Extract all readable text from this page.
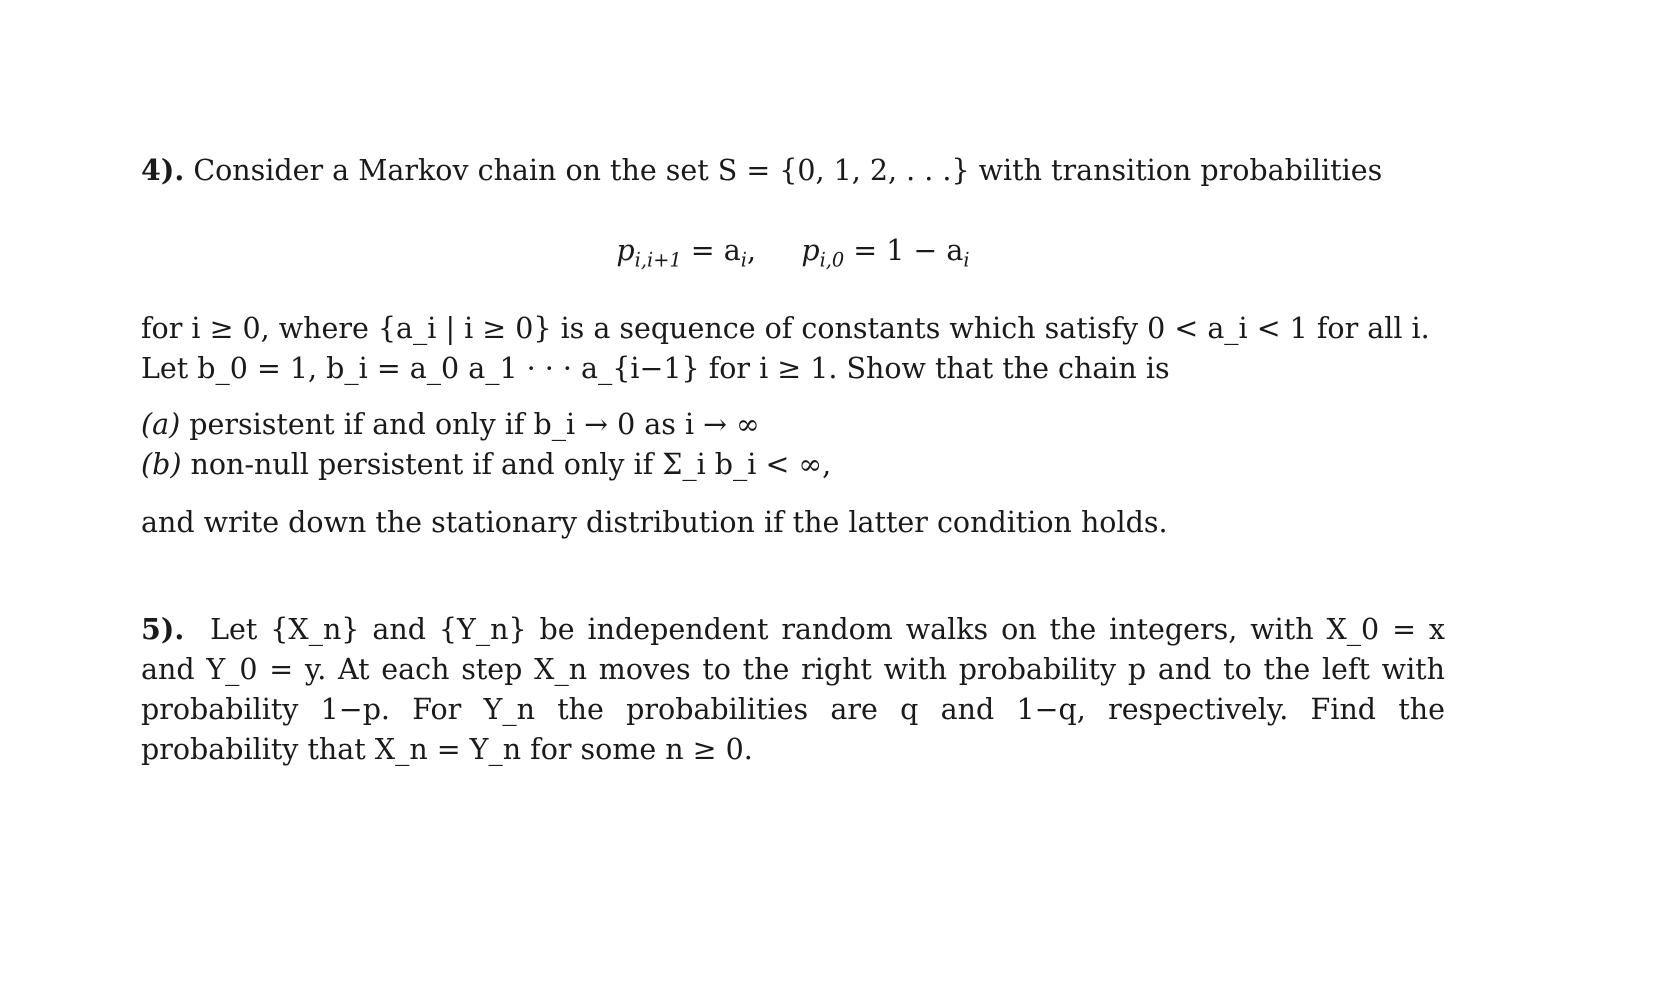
4). Consider a Markov chain on the set S = {0, 1, 2, . . .} with transition probabilities

$p_{i,i+1} = a_i$, $p_{i,0} = 1 - a_i$

for i ≥ 0, where {a_i | i ≥ 0} is a sequence of constants which satisfy 0 < a_i < 1 for all i.
Let b_0 = 1, b_i = a_0 a_1 · · · a_{i−1} for i ≥ 1. Show that the chain is

(a) persistent if and only if b_i → 0 as i → ∞
(b) non-null persistent if and only if Σ_i b_i < ∞,

and write down the stationary distribution if the latter condition holds.

5). Let {X_n} and {Y_n} be independent random walks on the integers, with X_0 = x and Y_0 = y. At each step X_n moves to the right with probability p and to the left with probability 1−p. For Y_n the probabilities are q and 1−q, respectively. Find the probability that X_n = Y_n for some n ≥ 0.
